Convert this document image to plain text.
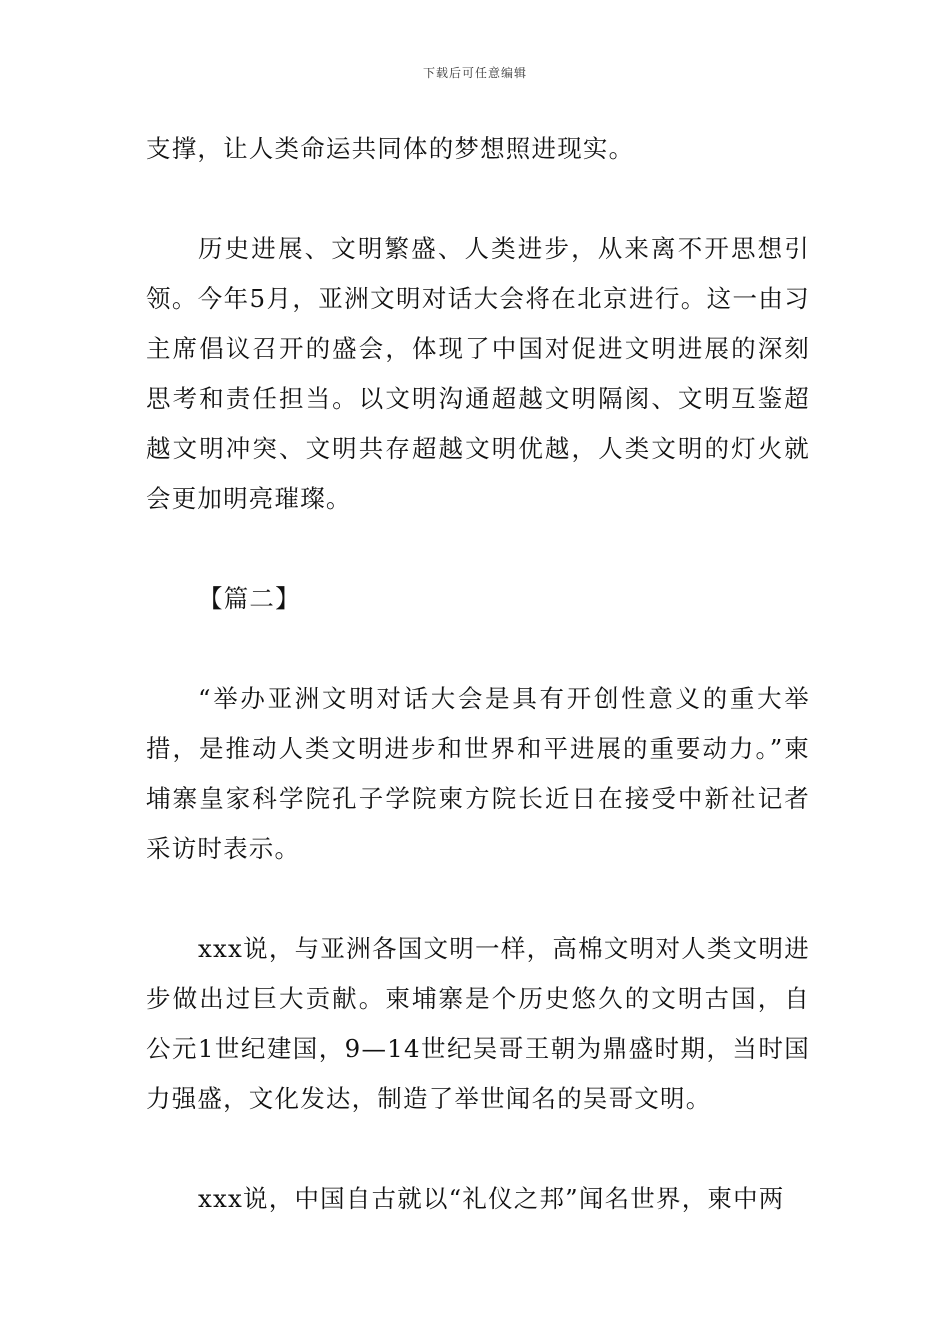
下载后可任意编辑

支撑，让人类命运共同体的梦想照进现实。

历史进展、文明繁盛、人类进步，从来离不开思想引领。今年5月，亚洲文明对话大会将在北京进行。这一由习主席倡议召开的盛会，体现了中国对促进文明进展的深刻思考和责任担当。以文明沟通超越文明隔阂、文明互鉴超越文明冲突、文明共存超越文明优越，人类文明的灯火就会更加明亮璀璨。

【篇二】

“举办亚洲文明对话大会是具有开创性意义的重大举措，是推动人类文明进步和世界和平进展的重要动力。”柬埔寨皇家科学院孔子学院柬方院长近日在接受中新社记者采访时表示。

xxx说，与亚洲各国文明一样，高棉文明对人类文明进步做出过巨大贡献。柬埔寨是个历史悠久的文明古国，自公元1世纪建国，9—14世纪吴哥王朝为鼎盛时期，当时国力强盛，文化发达，制造了举世闻名的吴哥文明。

xxx说，中国自古就以“礼仪之邦”闻名世界，柬中两
